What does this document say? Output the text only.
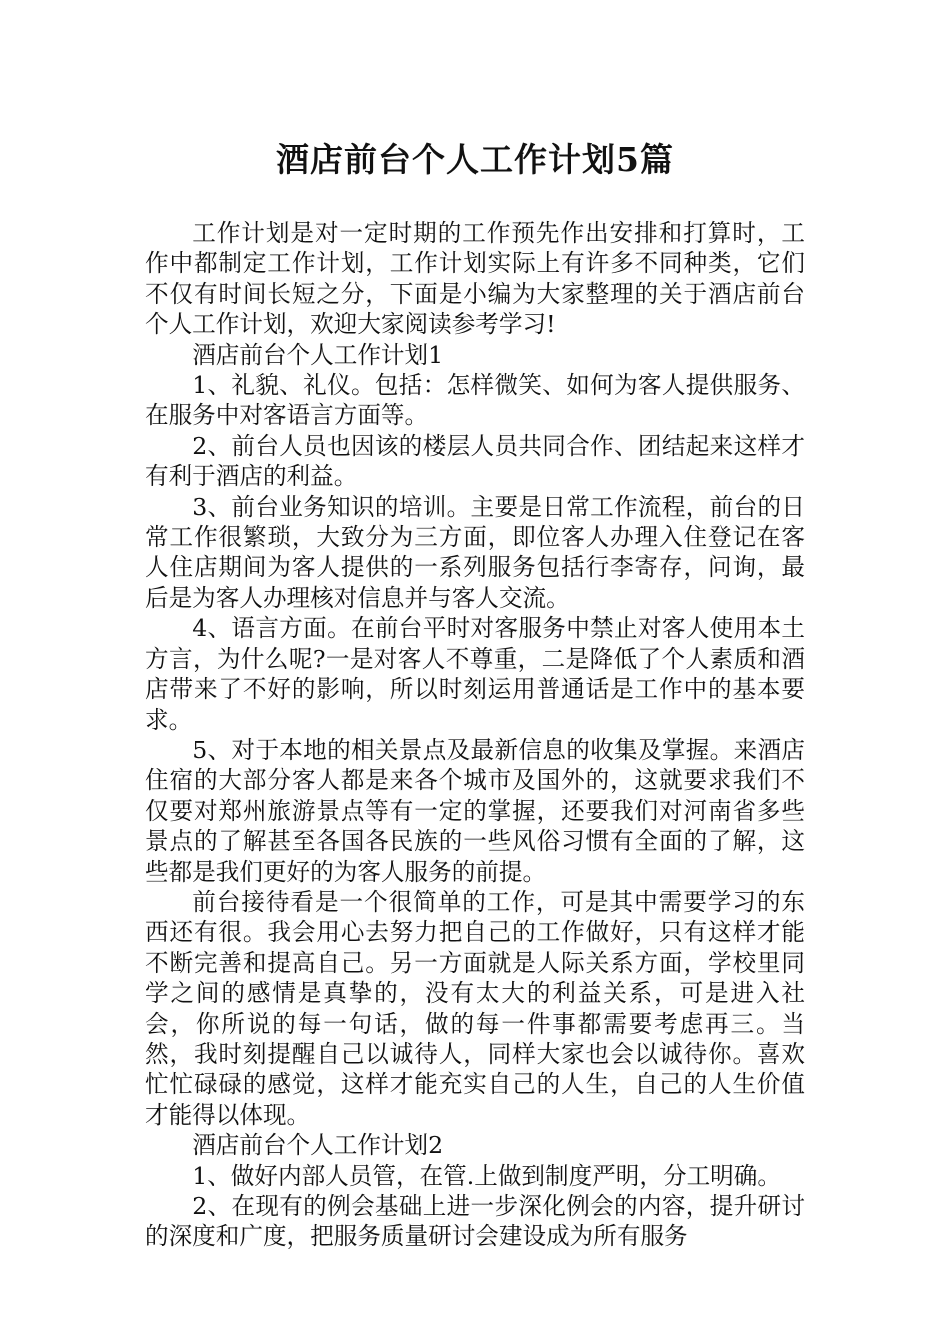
酒店前台个人工作计划5篇

工作计划是对一定时期的工作预先作出安排和打算时，工作中都制定工作计划，工作计划实际上有许多不同种类，它们不仅有时间长短之分，下面是小编为大家整理的关于酒店前台个人工作计划，欢迎大家阅读参考学习!

酒店前台个人工作计划1

1、礼貌、礼仪。包括：怎样微笑、如何为客人提供服务、在服务中对客语言方面等。

2、前台人员也因该的楼层人员共同合作、团结起来这样才有利于酒店的利益。

3、前台业务知识的培训。主要是日常工作流程，前台的日常工作很繁琐，大致分为三方面，即位客人办理入住登记在客人住店期间为客人提供的一系列服务包括行李寄存，问询，最后是为客人办理核对信息并与客人交流。

4、语言方面。在前台平时对客服务中禁止对客人使用本土方言，为什么呢?一是对客人不尊重，二是降低了个人素质和酒店带来了不好的影响，所以时刻运用普通话是工作中的基本要求。

5、对于本地的相关景点及最新信息的收集及掌握。来酒店住宿的大部分客人都是来各个城市及国外的，这就要求我们不仅要对郑州旅游景点等有一定的掌握，还要我们对河南省多些景点的了解甚至各国各民族的一些风俗习惯有全面的了解，这些都是我们更好的为客人服务的前提。

前台接待看是一个很简单的工作，可是其中需要学习的东西还有很。我会用心去努力把自己的工作做好，只有这样才能不断完善和提高自己。另一方面就是人际关系方面，学校里同学之间的感情是真挚的，没有太大的利益关系，可是进入社会，你所说的每一句话，做的每一件事都需要考虑再三。当然，我时刻提醒自己以诚待人，同样大家也会以诚待你。喜欢忙忙碌碌的感觉，这样才能充实自己的人生，自己的人生价值才能得以体现。

酒店前台个人工作计划2

1、做好内部人员管，在管.上做到制度严明，分工明确。

2、在现有的例会基础上进一步深化例会的内容，提升研讨的深度和广度，把服务质量研讨会建设成为所有服务
